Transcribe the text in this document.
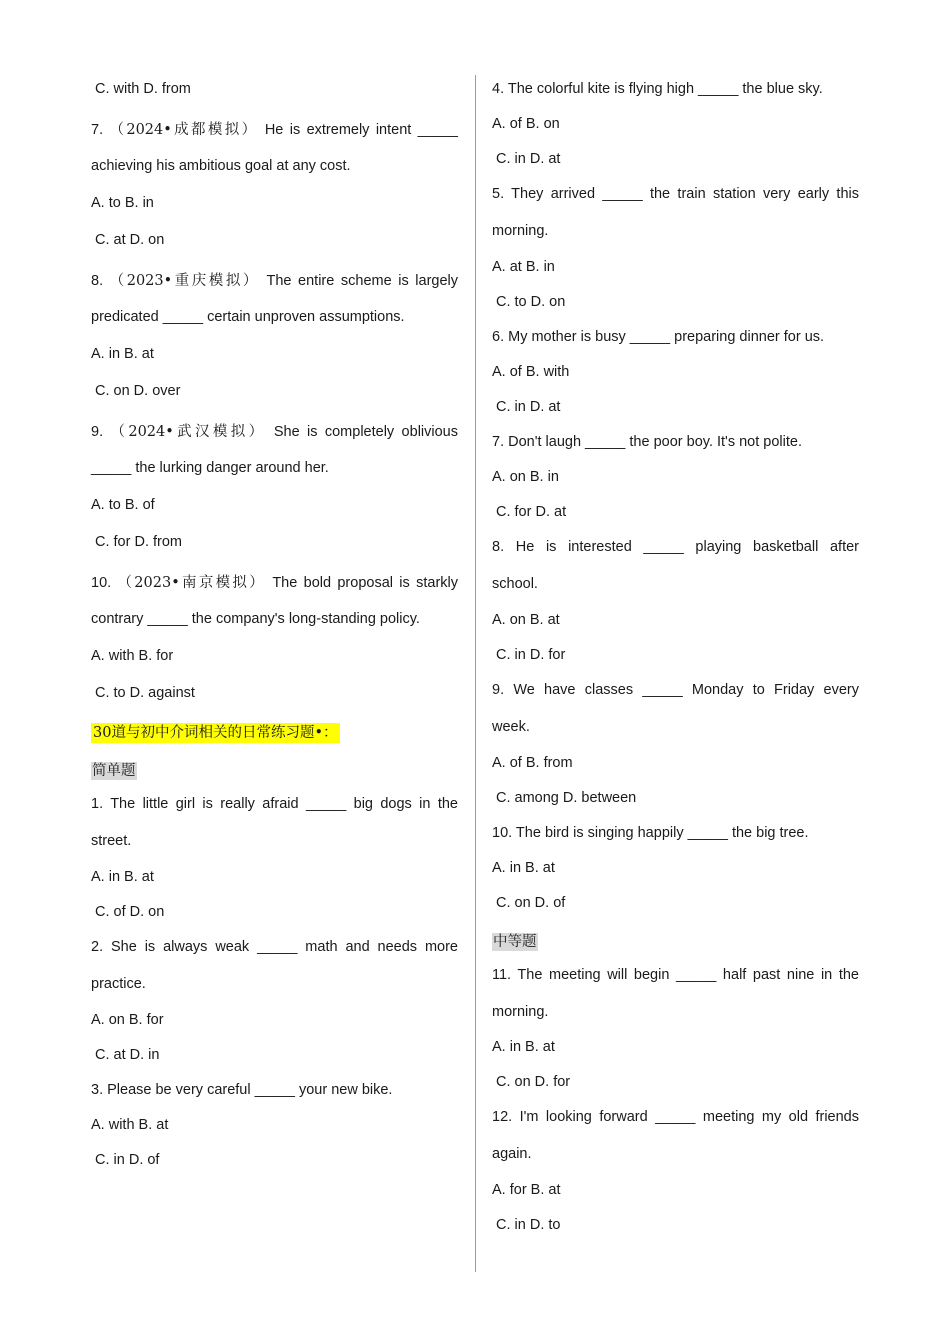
C. with D. from
7. （2024•成都模拟） He is extremely intent _____
achieving his ambitious goal at any cost.
A. to B. in
C. at D. on
8. （2023•重庆模拟） The entire scheme is largely
predicated _____ certain unproven assumptions.
A. in B. at
C. on D. over
9. （2024•武汉模拟） She is completely oblivious
_____ the lurking danger around her.
A. to B. of
C. for D. from
10. （2023•南京模拟） The bold proposal is starkly
contrary _____ the company's long-standing policy.
A. with B. for
C. to D. against
30道与初中介词相关的日常练习题•：
简单题
1. The little girl is really afraid _____ big dogs in the
street.
A. in B. at
C. of D. on
2. She is always weak _____ math and needs more
practice.
A. on B. for
C. at D. in
3. Please be very careful _____ your new bike.
A. with B. at
C. in D. of
4. The colorful kite is flying high _____ the blue sky.
A. of B. on
C. in D. at
5. They arrived _____ the train station very early this
morning.
A. at B. in
C. to D. on
6. My mother is busy _____ preparing dinner for us.
A. of B. with
C. in D. at
7. Don't laugh _____ the poor boy. It's not polite.
A. on B. in
C. for D. at
8. He is interested _____ playing basketball after
school.
A. on B. at
C. in D. for
9. We have classes _____ Monday to Friday every
week.
A. of B. from
C. among D. between
10. The bird is singing happily _____ the big tree.
A. in B. at
C. on D. of
中等题
11. The meeting will begin _____ half past nine in the
morning.
A. in B. at
C. on D. for
12. I'm looking forward _____ meeting my old friends
again.
A. for B. at
C. in D. to
